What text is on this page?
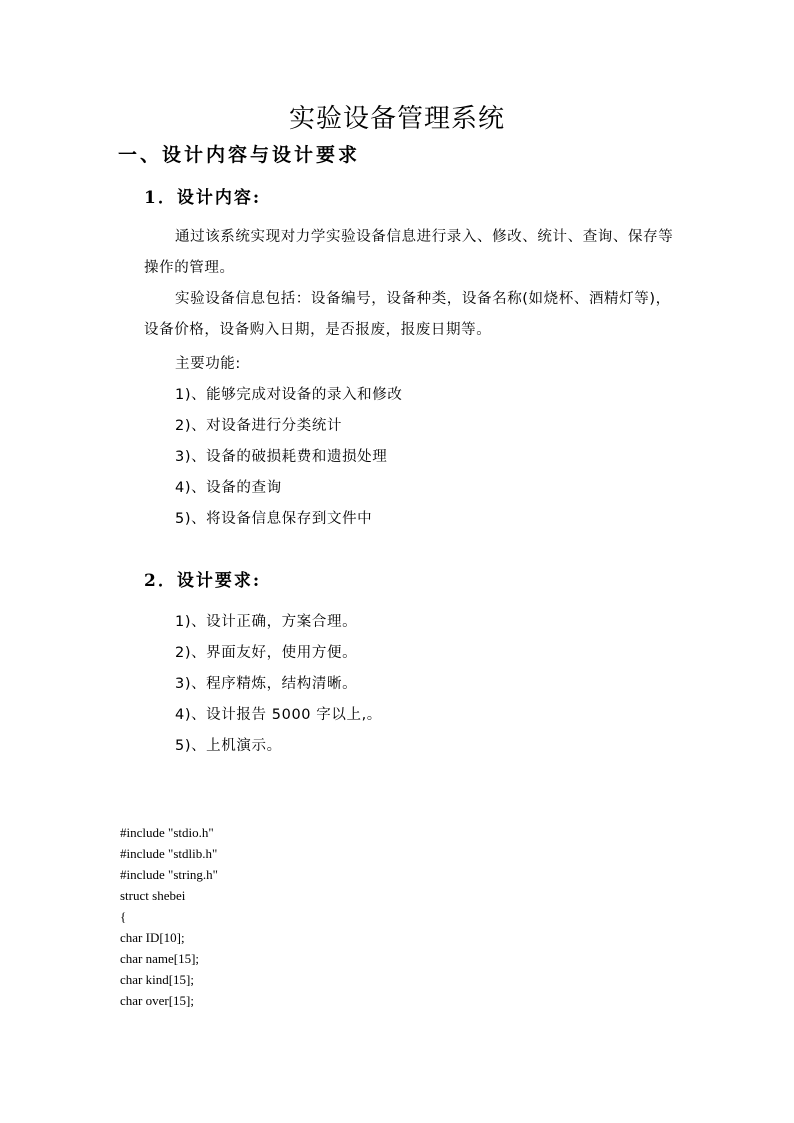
实验设备管理系统
一、设计内容与设计要求
1．设计内容:

通过该系统实现对力学实验设备信息进行录入、修改、统计、查询、保存等操作的管理。

实验设备信息包括：设备编号，设备种类，设备名称(如烧杯、酒精灯等)，设备价格，设备购入日期，是否报废，报废日期等。

主要功能:
1)、能够完成对设备的录入和修改
2)、对设备进行分类统计
3)、设备的破损耗费和遗损处理
4)、设备的查询
5)、将设备信息保存到文件中
2．设计要求:
1)、设计正确，方案合理。
2)、界面友好，使用方便。
3)、程序精炼，结构清晰。
4)、设计报告 5000 字以上,。
5)、上机演示。
#include "stdio.h"
#include "stdlib.h"
#include "string.h"
struct shebei
{
char ID[10];
char name[15];
char kind[15];
char over[15];
